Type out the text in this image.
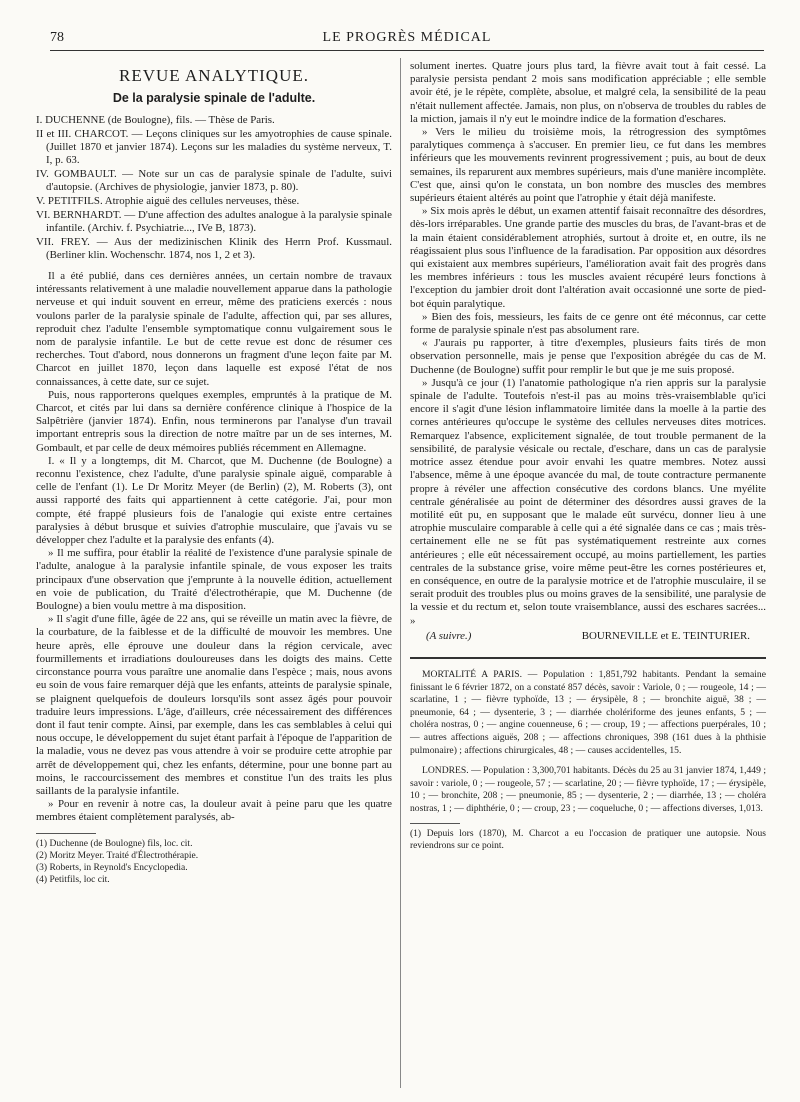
78	LE PROGRÈS MÉDICAL
REVUE ANALYTIQUE.
De la paralysie spinale de l'adulte.
I. DUCHENNE (de Boulogne), fils. — Thèse de Paris.
II et III. CHARCOT. — Leçons cliniques sur les amyotrophies de cause spinale. (Juillet 1870 et janvier 1874). Leçons sur les maladies du système nerveux, T. I, p. 63.
IV. GOMBAULT. — Note sur un cas de paralysie spinale de l'adulte, suivi d'autopsie. (Archives de physiologie, janvier 1873, p. 80).
V. PETITFILS. Atrophie aiguë des cellules nerveuses, thèse.
VI. BERNHARDT. — D'une affection des adultes analogue à la paralysie spinale infantile. (Archiv. f. Psychiatrie..., IVe B, 1873).
VII. FREY. — Aus der medizinischen Klinik des Herrn Prof. Kussmaul. (Berliner klin. Wochenschr. 1874, nos 1, 2 et 3).

Il a été publié, dans ces dernières années, un certain nombre de travaux intéressants relativement à une maladie nouvellement apparue dans la pathologie nerveuse et qui induit souvent en erreur, même des praticiens exercés : nous voulons parler de la paralysie spinale de l'adulte, affection qui, par ses allures, reproduit chez l'adulte l'ensemble symptomatique connu vulgairement sous le nom de paralysie infantile. Le but de cette revue est donc de résumer ces recherches. Tout d'abord, nous donnerons un fragment d'une leçon faite par M. Charcot en juillet 1870, leçon dans laquelle est exposé l'état de nos connaissances, à cette date, sur ce sujet.

Puis, nous rapporterons quelques exemples, empruntés à la pratique de M. Charcot, et cités par lui dans sa dernière conférence clinique à l'hospice de la Salpêtrière (janvier 1874). Enfin, nous terminerons par l'analyse d'un travail important entrepris sous la direction de notre maître par un de ses internes, M. Gombault, et par celle de deux mémoires publiés récemment en Allemagne.

I. « Il y a longtemps, dit M. Charcot, que M. Duchenne (de Boulogne) a reconnu l'existence, chez l'adulte, d'une paralysie spinale aiguë, comparable à celle de l'enfant (1). Le Dr Moritz Meyer (de Berlin) (2), M. Roberts (3), ont aussi rapporté des faits qui appartiennent à cette catégorie. J'ai, pour mon compte, été frappé plusieurs fois de l'analogie qui existe entre certaines paralysies à début brusque et suivies d'atrophie musculaire, que j'avais vu se développer chez l'adulte et la paralysie des enfants (4).

» Il me suffira, pour établir la réalité de l'existence d'une paralysie spinale de l'adulte, analogue à la paralysie infantile spinale, de vous exposer les traits principaux d'une observation que j'emprunte à la nouvelle édition, actuellement en voie de publication, du Traité d'électrothérapie, que M. Duchenne (de Boulogne) a bien voulu mettre à ma disposition.

» Il s'agit d'une fille, âgée de 22 ans, qui se réveille un matin avec la fièvre, de la courbature, de la faiblesse et de la difficulté de mouvoir les membres. Une heure après, elle éprouve une douleur dans la région cervicale, avec fourmillements et irradiations douloureuses dans les doigts des mains. Cette circonstance pourra vous paraître une anomalie dans l'espèce ; mais, nous avons eu soin de vous faire remarquer déjà que les enfants, atteints de paralysie spinale, se plaignent quelquefois de douleurs lorsqu'ils sont assez âgés pour pouvoir traduire leurs impressions. L'âge, d'ailleurs, crée nécessairement des différences dont il faut tenir compte. Ainsi, par exemple, dans les cas semblables à celui qui nous occupe, le développement du sujet étant parfait à l'époque de l'apparition de la maladie, vous ne devez pas vous attendre à voir se produire cette atrophie par arrêt de développement qui, chez les enfants, détermine, pour une bonne part au moins, le raccourcissement des membres et constitue l'un des traits les plus saillants de la paralysie infantile.

» Pour en revenir à notre cas, la douleur avait à peine paru que les quatre membres étaient complètement paralysés, ab-

(1) Duchenne (de Boulogne) fils, loc. cit.
(2) Moritz Meyer. Traité d'Électrothérapie.
(3) Roberts, in Reynold's Encyclopedia.
(4) Petitfils, loc cit.

solument inertes. Quatre jours plus tard, la fièvre avait tout à fait cessé. La paralysie persista pendant 2 mois sans modification appréciable ; elle semble avoir été, je le répète, complète, absolue, et malgré cela, la sensibilité de la peau n'était nullement affectée. Jamais, non plus, on n'observa de troubles du rables de la miction, jamais il n'y eut le moindre indice de la formation d'eschares.

» Vers le milieu du troisième mois, la rétrogression des symptômes paralytiques commença à s'accuser. En premier lieu, ce fut dans les membres inférieurs que les mouvements revinrent progressivement ; puis, au bout de deux semaines, ils reparurent aux membres supérieurs, mais d'une manière incomplète. C'est que, ainsi qu'on le constata, un bon nombre des muscles des membres supérieurs étaient altérés au point que l'atrophie y était déjà manifeste.

» Six mois après le début, un examen attentif faisait reconnaître des désordres, dès-lors irréparables. Une grande partie des muscles du bras, de l'avant-bras et de la main étaient considérablement atrophiés, surtout à droite et, en outre, ils ne réagissaient plus sous l'influence de la faradisation. Par opposition aux désordres qui existaient aux membres supérieurs, l'amélioration avait fait des progrès dans les membres inférieurs : tous les muscles avaient récupéré leurs fonctions à l'exception du jambier droit dont l'altération avait occasionné une sorte de pied-bot équin paralytique.

» Bien des fois, messieurs, les faits de ce genre ont été méconnus, car cette forme de paralysie spinale n'est pas absolument rare.

« J'aurais pu rapporter, à titre d'exemples, plusieurs faits tirés de mon observation personnelle, mais je pense que l'exposition abrégée du cas de M. Duchenne (de Boulogne) suffit pour remplir le but que je me suis proposé.

» Jusqu'à ce jour (1) l'anatomie pathologique n'a rien appris sur la paralysie spinale de l'adulte. Toutefois n'est-il pas au moins très-vraisemblable qu'ici encore il s'agit d'une lésion inflammatoire limitée dans la moelle à la partie des cornes antérieures qu'occupe le système des cellules nerveuses dites motrices. Remarquez l'absence, explicitement signalée, de tout trouble permanent de la sensibilité, de paralysie vésicale ou rectale, d'eschare, dans un cas de paralysie motrice assez étendue pour avoir envahi les quatre membres. Notez aussi l'absence, même à une époque avancée du mal, de toute contracture permanente propre à révéler une affection consécutive des cordons blancs. Une myélite centrale généralisée au point de déterminer des désordres aussi graves de la motilité eût pu, en supposant que le malade eût survécu, donner lieu à une atrophie musculaire comparable à celle qui a été signalée dans ce cas ; mais très-certainement elle ne se fût pas systématiquement restreinte aux cornes antérieures ; elle eût nécessairement occupé, au moins partiellement, les parties centrales de la substance grise, voire même peut-être les cornes postérieures et, en conséquence, en outre de la paralysie motrice et de l'atrophie musculaire, il se serait produit des troubles plus ou moins graves de la sensibilité, une paralysie de la vessie et du rectum et, selon toute vraisemblance, aussi des eschares sacrées... »

(A suivre.)	BOURNEVILLE et E. TEINTURIER.

MORTALITÉ A PARIS. — Population : 1,851,792 habitants. Pendant la semaine finissant le 6 février 1872, on a constaté 857 décès, savoir : Variole, 0 ; — rougeole, 14 ; — scarlatine, 1 ; — fièvre typhoïde, 13 ; — érysipèle, 8 ; — bronchite aiguë, 38 ; — pneumonie, 64 ; — dysenterie, 3 ; — diarrhée cholériforme des jeunes enfants, 5 ; — choléra nostras, 0 ; — angine couenneuse, 6 ; — croup, 19 ; — affections puerpérales, 10 ; — autres affections aiguës, 208 ; — affections chroniques, 398 (161 dues à la phthisie pulmonaire) ; affections chirurgicales, 48 ; — causes accidentelles, 15.

LONDRES. — Population : 3,300,701 habitants. Décès du 25 au 31 janvier 1874, 1,449 ; savoir : variole, 0 ; — rougeole, 57 ; — scarlatine, 20 ; — fièvre typhoïde, 17 ; — érysipèle, 10 ; — bronchite, 208 ; — pneumonie, 85 ; — dysenterie, 2 ; — diarrhée, 13 ; — choléra nostras, 1 ; — diphthérie, 0 ; — croup, 23 ; — coqueluche, 0 ; — affections diverses, 1,013.

(1) Depuis lors (1870), M. Charcot a eu l'occasion de pratiquer une autopsie. Nous reviendrons sur ce point.
